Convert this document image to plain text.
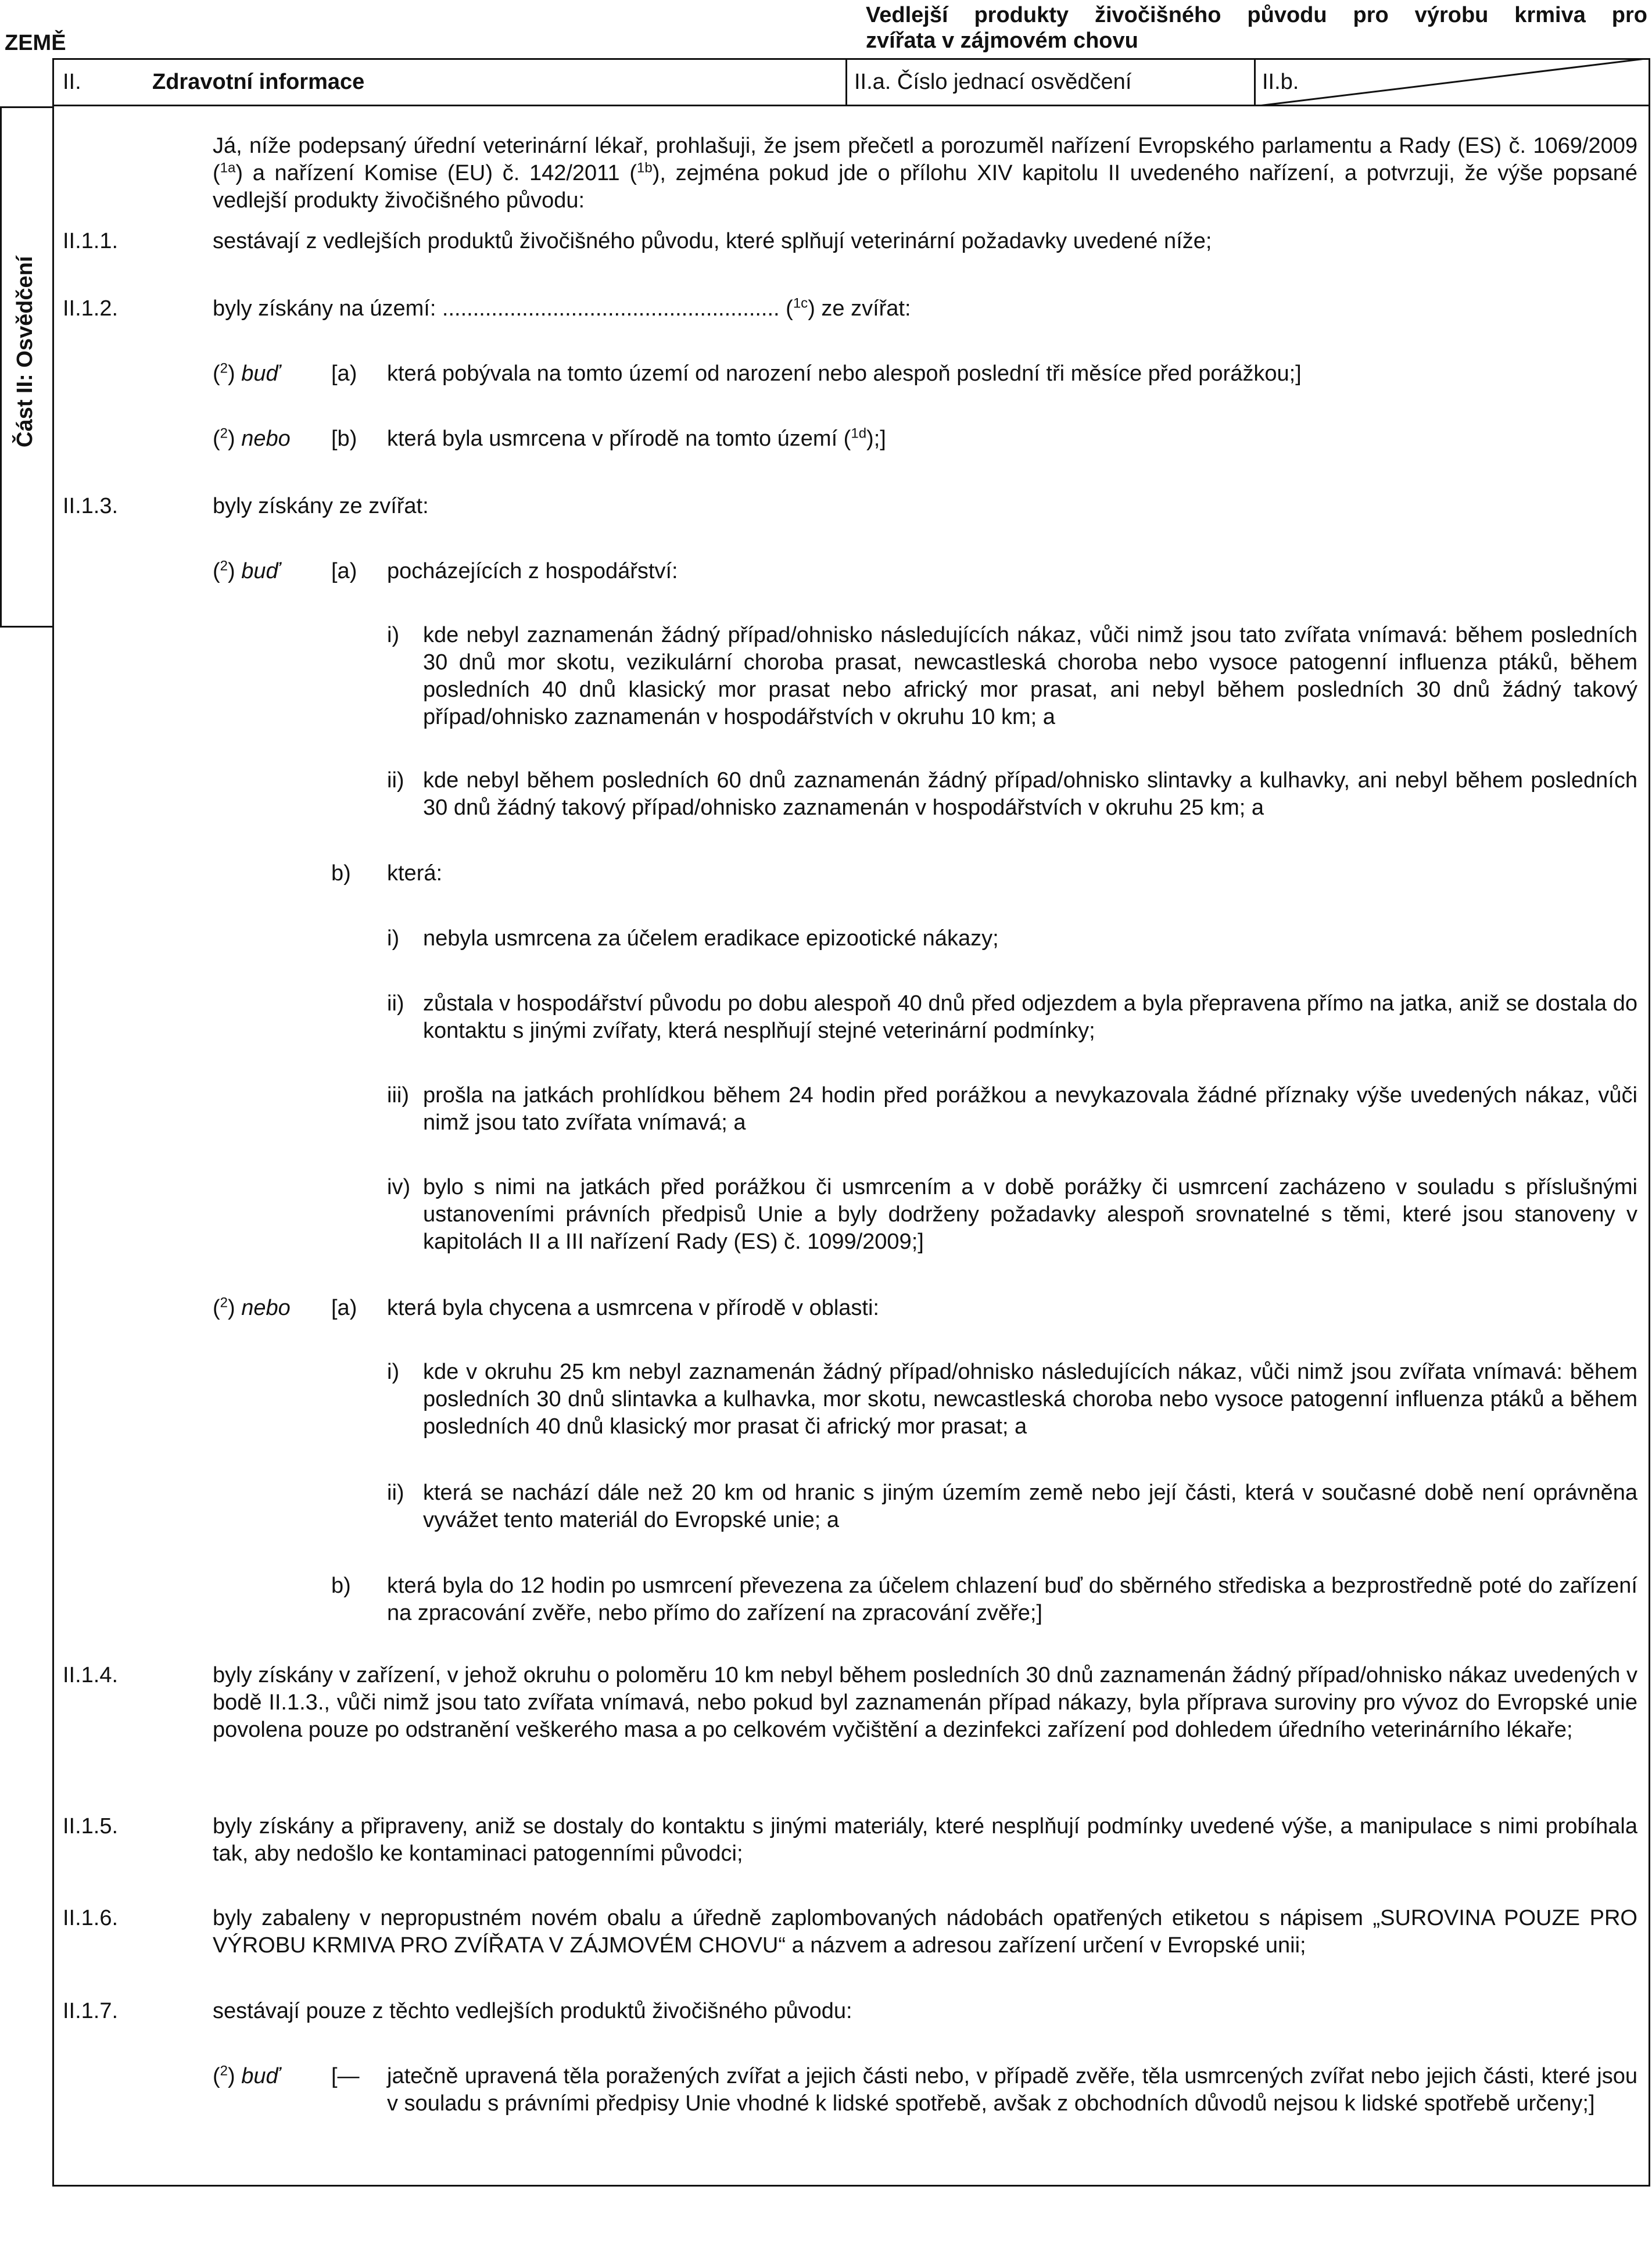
ZEMĚ
Vedlejší produkty živočišného původu pro výrobu krmiva pro
zvířata v zájmovém chovu
II.	Zdravotní informace	II.a. Číslo jednací osvědčení	II.b.
Část II: Osvědčení
Já, níže podepsaný úřední veterinární lékař, prohlašuji, že jsem přečetl a porozuměl nařízení Evropského parlamentu a Rady (ES) č. 1069/2009 ($^{1a}$) a nařízení Komise (EU) č. 142/2011 ($^{1b}$), zejména pokud jde o přílohu XIV kapitolu II uvedeného nařízení, a potvrzuji, že výše popsané vedlejší produkty živočišného původu:
II.1.1.	sestávají z vedlejších produktů živočišného původu, které splňují veterinární požadavky uvedené níže;
II.1.2.	byly získány na území: ....................................................... ($^{1c}$) ze zvířat:
($^2$) buď [a) která pobývala na tomto území od narození nebo alespoň poslední tři měsíce před porážkou;]
($^2$) nebo [b) která byla usmrcena v přírodě na tomto území ($^{1d}$);]
II.1.3.	byly získány ze zvířat:
($^2$) buď [a) pocházejících z hospodářství:
i) kde nebyl zaznamenán žádný případ/ohnisko následujících nákaz, vůči nimž jsou tato zvířata vnímavá: během posledních 30 dnů mor skotu, vezikulární choroba prasat, newcastleská choroba nebo vysoce patogenní influenza ptáků, během posledních 40 dnů klasický mor prasat nebo africký mor prasat, ani nebyl během posledních 30 dnů žádný takový případ/ohnisko zaznamenán v hospodářstvích v okruhu 10 km; a
ii) kde nebyl během posledních 60 dnů zaznamenán žádný případ/ohnisko slintavky a kulhavky, ani nebyl během posledních 30 dnů žádný takový případ/ohnisko zaznamenán v hospodářstvích v okruhu 25 km; a
b) která:
i) nebyla usmrcena za účelem eradikace epizootické nákazy;
ii) zůstala v hospodářství původu po dobu alespoň 40 dnů před odjezdem a byla přepravena přímo na jatka, aniž se dostala do kontaktu s jinými zvířaty, která nesplňují stejné veterinární podmínky;
iii) prošla na jatkách prohlídkou během 24 hodin před porážkou a nevykazovala žádné příznaky výše uvedených nákaz, vůči nimž jsou tato zvířata vnímavá; a
iv) bylo s nimi na jatkách před porážkou či usmrcením a v době porážky či usmrcení zacházeno v souladu s příslušnými ustanoveními právních předpisů Unie a byly dodrženy požadavky alespoň srovnatelné s těmi, které jsou stanoveny v kapitolách II a III nařízení Rady (ES) č. 1099/2009;]
($^2$) nebo [a) která byla chycena a usmrcena v přírodě v oblasti:
i) kde v okruhu 25 km nebyl zaznamenán žádný případ/ohnisko následujících nákaz, vůči nimž jsou zvířata vnímavá: během posledních 30 dnů slintavka a kulhavka, mor skotu, newcastleská choroba nebo vysoce patogenní influenza ptáků a během posledních 40 dnů klasický mor prasat či africký mor prasat; a
ii) která se nachází dále než 20 km od hranic s jiným územím země nebo její části, která v současné době není oprávněna vyvážet tento materiál do Evropské unie; a
b) která byla do 12 hodin po usmrcení převezena za účelem chlazení buď do sběrného střediska a bezprostředně poté do zařízení na zpracování zvěře, nebo přímo do zařízení na zpracování zvěře;]
II.1.4.	byly získány v zařízení, v jehož okruhu o poloměru 10 km nebyl během posledních 30 dnů zaznamenán žádný případ/ohnisko nákaz uvedených v bodě II.1.3., vůči nimž jsou tato zvířata vnímavá, nebo pokud byl zaznamenán případ nákazy, byla příprava suroviny pro vývoz do Evropské unie povolena pouze po odstranění veškerého masa a po celkovém vyčištění a dezinfekci zařízení pod dohledem úředního veterinárního lékaře;
II.1.5.	byly získány a připraveny, aniž se dostaly do kontaktu s jinými materiály, které nesplňují podmínky uvedené výše, a manipulace s nimi probíhala tak, aby nedošlo ke kontaminaci patogenními původci;
II.1.6.	byly zabaleny v nepropustném novém obalu a úředně zaplombovaných nádobách opatřených etiketou s nápisem „SUROVINA POUZE PRO VÝROBU KRMIVA PRO ZVÍŘATA V ZÁJMOVÉM CHOVU“ a názvem a adresou zařízení určení v Evropské unii;
II.1.7.	sestávají pouze z těchto vedlejších produktů živočišného původu:
($^2$) buď [— jatečně upravená těla poražených zvířat a jejich části nebo, v případě zvěře, těla usmrcených zvířat nebo jejich části, které jsou v souladu s právními předpisy Unie vhodné k lidské spotřebě, avšak z obchodních důvodů nejsou k lidské spotřebě určeny;]
